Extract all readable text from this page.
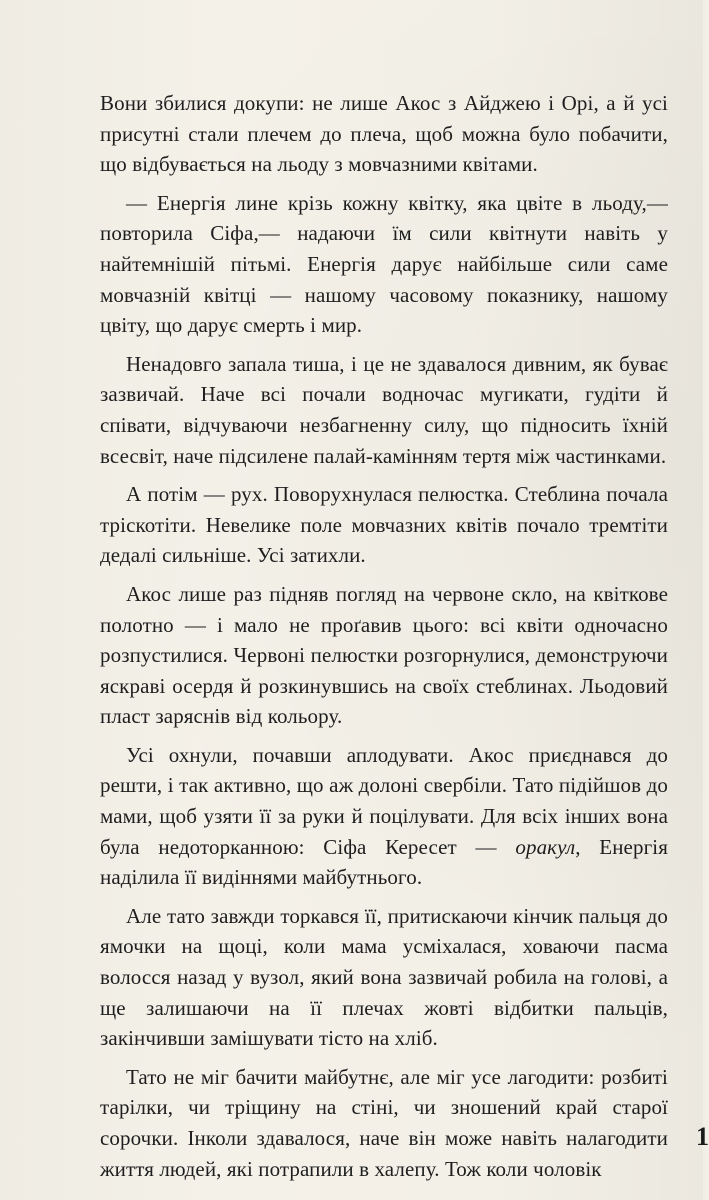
Вони збилися докупи: не лише Акос з Айджею і Орі, а й усі присутні стали плечем до плеча, щоб можна було побачити, що відбувається на льоду з мовчазними квітами.

— Енергія лине крізь кожну квітку, яка цвіте в льоду,— повторила Сіфа,— надаючи їм сили квітнути навіть у найтемнішій пітьмі. Енергія дарує найбільше сили саме мовчазній квітці — нашому часовому показнику, нашому цвіту, що дарує смерть і мир.

Ненадовго запала тиша, і це не здавалося дивним, як буває зазвичай. Наче всі почали водночас мугикати, гудіти й співати, відчуваючи незбагненну силу, що підносить їхній всесвіт, наче підсилене палай-камінням тертя між частинками.

А потім — рух. Поворухнулася пелюстка. Стеблина почала тріскотіти. Невелике поле мовчазних квітів почало тремтіти дедалі сильніше. Усі затихли.

Акос лише раз підняв погляд на червоне скло, на квіткове полотно — і мало не проґавив цього: всі квіти одночасно розпустилися. Червоні пелюстки розгорнулися, демонструючи яскраві осердя й розкинувшись на своїх стеблинах. Льодовий пласт заряснів від кольору.

Усі охнули, почавши аплодувати. Акос приєднався до решти, і так активно, що аж долоні свербіли. Тато підійшов до мами, щоб узяти її за руки й поцілувати. Для всіх інших вона була недоторканною: Сіфа Кересет — оракул, Енергія наділила її видіннями майбутнього.

Але тато завжди торкався її, притискаючи кінчик пальця до ямочки на щоці, коли мама усміхалася, ховаючи пасма волосся назад у вузол, який вона зазвичай робила на голові, а ще залишаючи на її плечах жовті відбитки пальців, закінчивши замішувати тісто на хліб.

Тато не міг бачити майбутнє, але міг усе лагодити: розбиті тарілки, чи тріщину на стіні, чи зношений край старої сорочки. Інколи здавалося, наче він може навіть налагодити життя людей, які потрапили в халепу. Тож коли чоловік

1
